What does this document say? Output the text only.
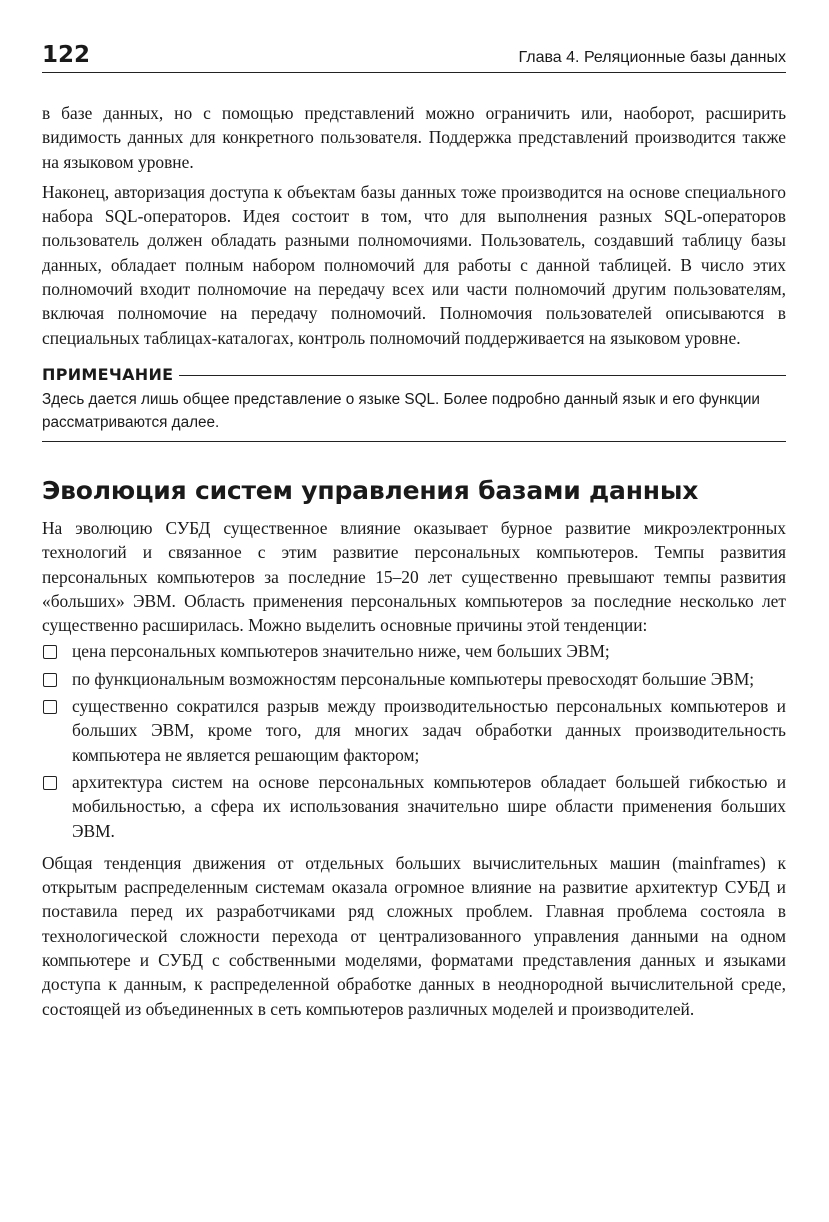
122	Глава 4. Реляционные базы данных

в базе данных, но с помощью представлений можно ограничить или, наоборот, расширить видимость данных для конкретного пользователя. Поддержка представлений производится также на языковом уровне.

Наконец, авторизация доступа к объектам базы данных тоже производится на основе специального набора SQL-операторов. Идея состоит в том, что для выполнения разных SQL-операторов пользователь должен обладать разными полномочиями. Пользователь, создавший таблицу базы данных, обладает полным набором полномочий для работы с данной таблицей. В число этих полномочий входит полномочие на передачу всех или части полномочий другим пользователям, включая полномочие на передачу полномочий. Полномочия пользователей описываются в специальных таблицах-каталогах, контроль полномочий поддерживается на языковом уровне.

ПРИМЕЧАНИЕ

Здесь дается лишь общее представление о языке SQL. Более подробно данный язык и его функции рассматриваются далее.

Эволюция систем управления базами данных

На эволюцию СУБД существенное влияние оказывает бурное развитие микроэлектронных технологий и связанное с этим развитие персональных компьютеров. Темпы развития персональных компьютеров за последние 15–20 лет существенно превышают темпы развития «больших» ЭВМ. Область применения персональных компьютеров за последние несколько лет существенно расширилась. Можно выделить основные причины этой тенденции:

цена персональных компьютеров значительно ниже, чем больших ЭВМ;
по функциональным возможностям персональные компьютеры превосходят большие ЭВМ;
существенно сократился разрыв между производительностью персональных компьютеров и больших ЭВМ, кроме того, для многих задач обработки данных производительность компьютера не является решающим фактором;
архитектура систем на основе персональных компьютеров обладает большей гибкостью и мобильностью, а сфера их использования значительно шире области применения больших ЭВМ.

Общая тенденция движения от отдельных больших вычислительных машин (mainframes) к открытым распределенным системам оказала огромное влияние на развитие архитектур СУБД и поставила перед их разработчиками ряд сложных проблем. Главная проблема состояла в технологической сложности перехода от централизованного управления данными на одном компьютере и СУБД с собственными моделями, форматами представления данных и языками доступа к данным, к распределенной обработке данных в неоднородной вычислительной среде, состоящей из объединенных в сеть компьютеров различных моделей и производителей.
